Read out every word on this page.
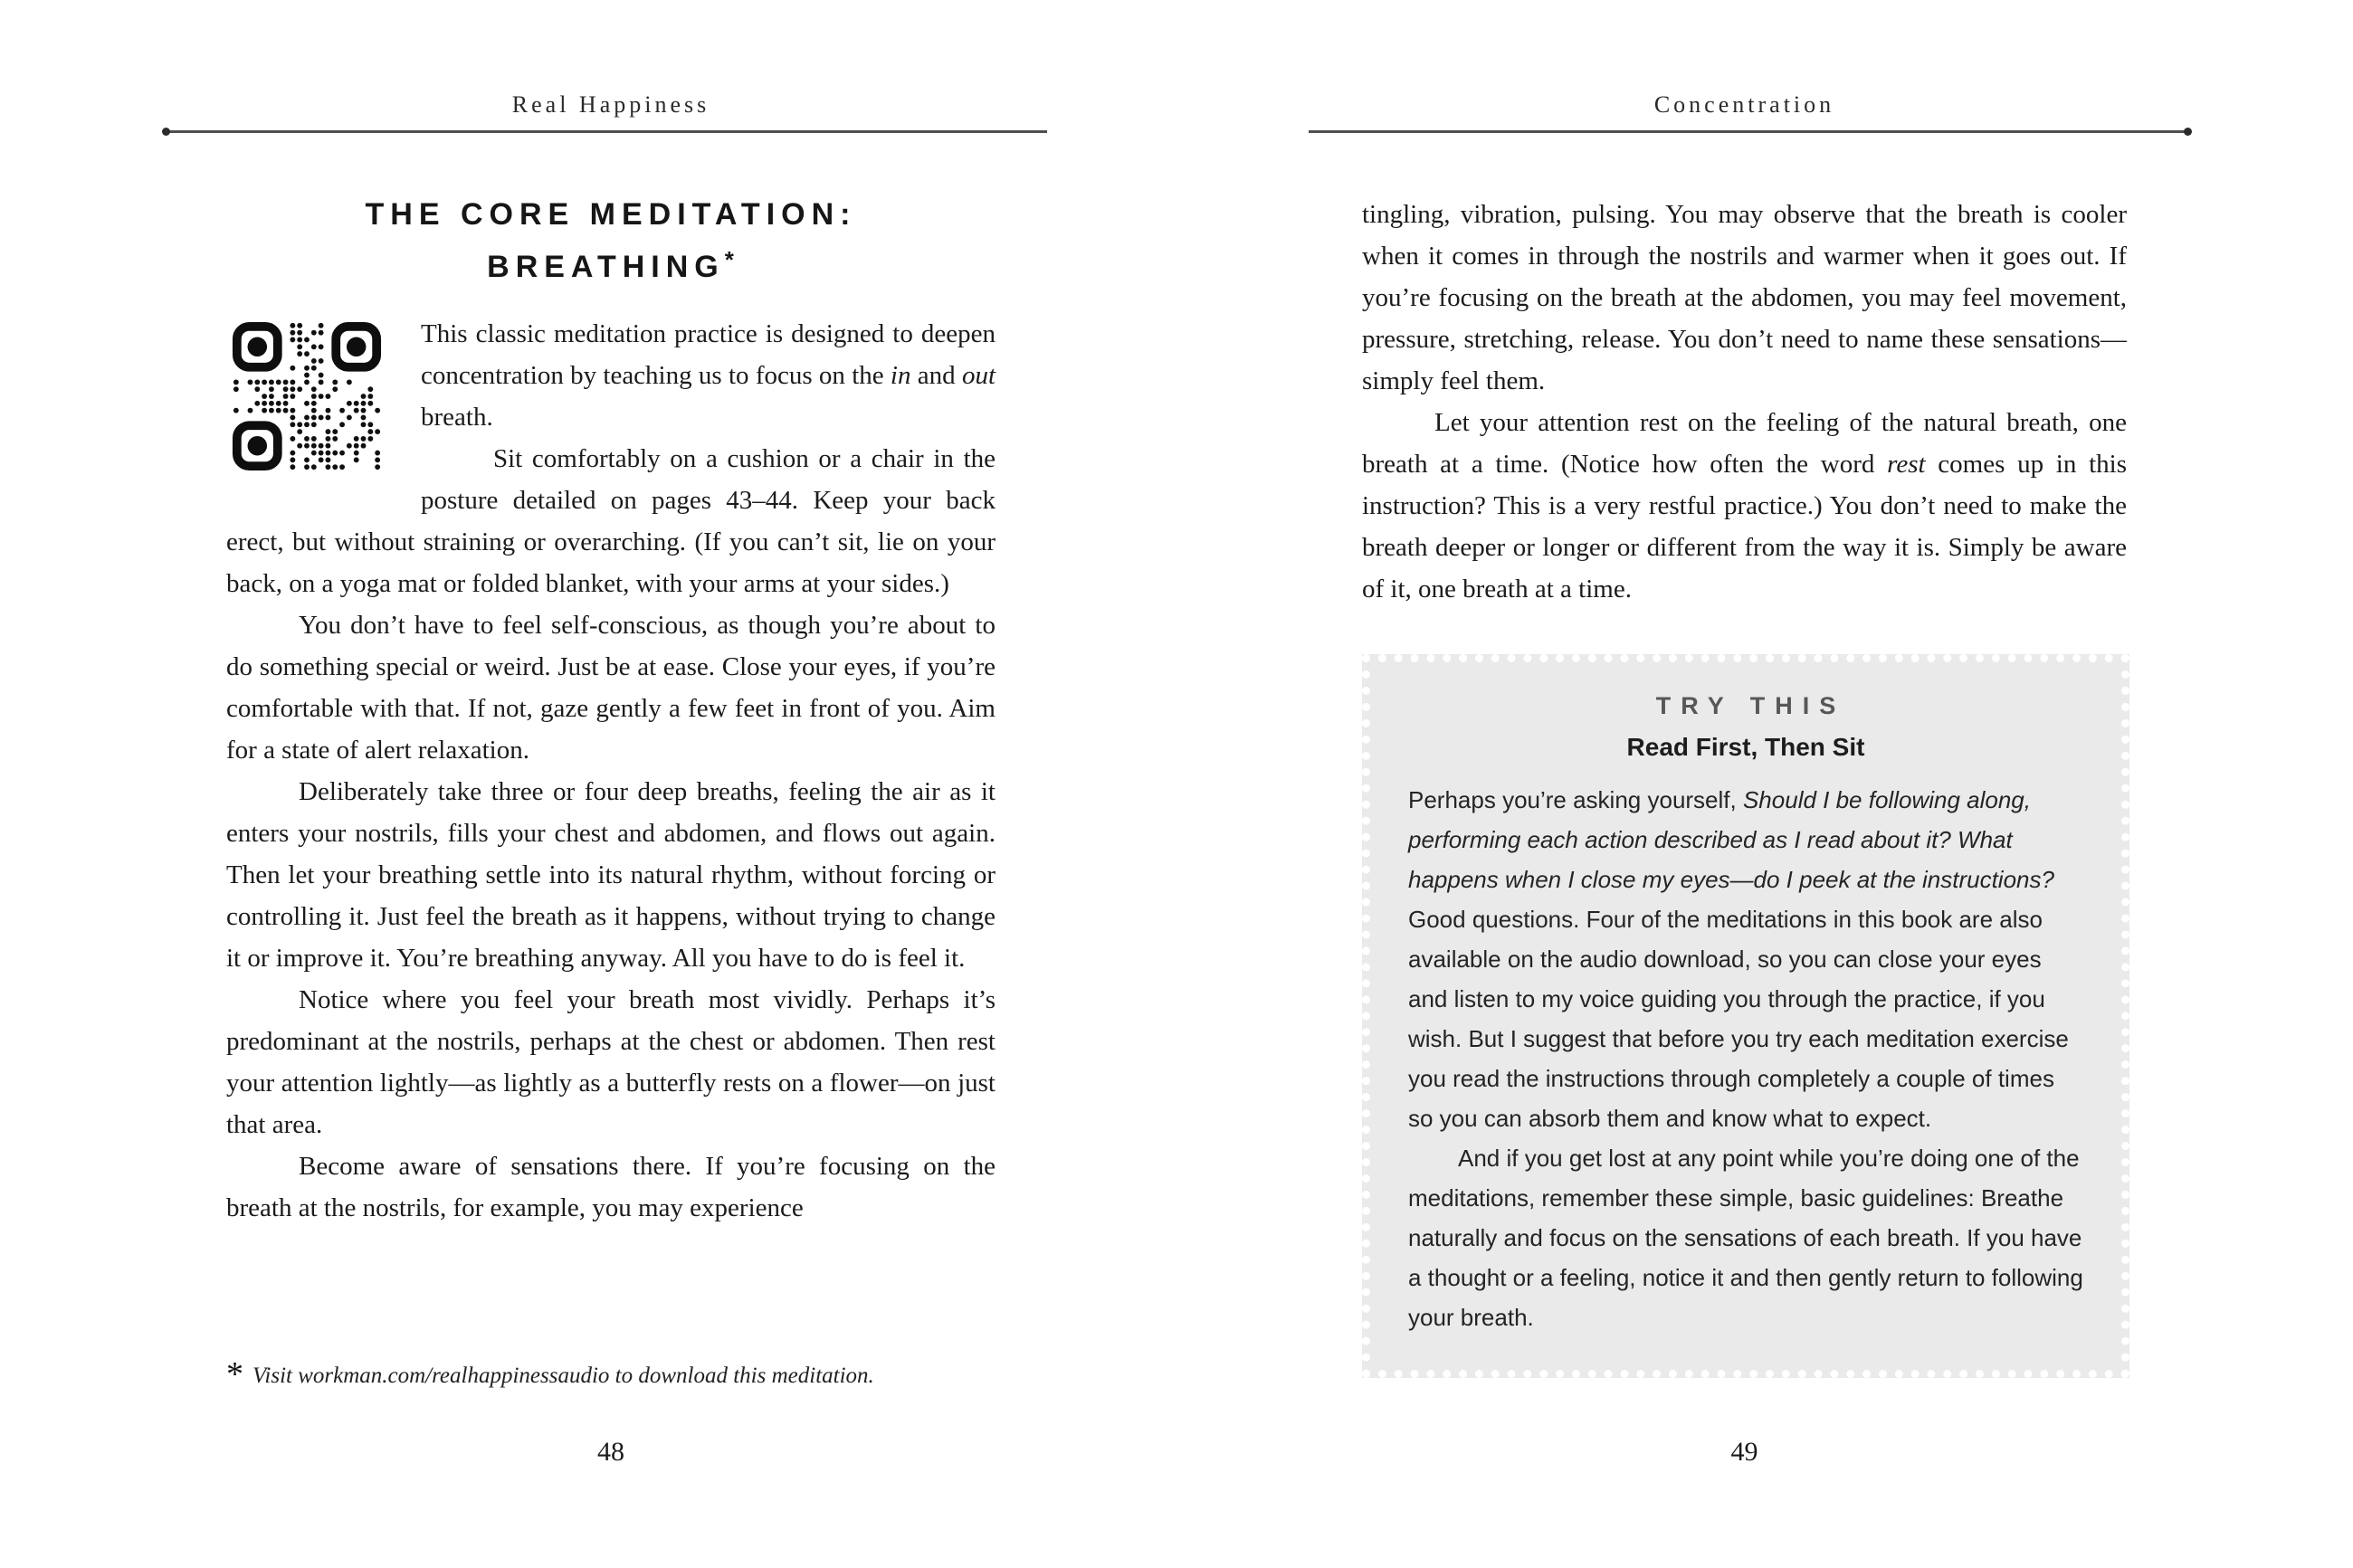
Real Happiness	Concentration
THE CORE MEDITATION:
BREATHING*

This classic meditation practice is designed to deepen concentration by teaching us to focus on the in and out breath.

Sit comfortably on a cushion or a chair in the posture detailed on pages 43–44. Keep your back erect, but without straining or overarching. (If you can’t sit, lie on your back, on a yoga mat or folded blanket, with your arms at your sides.)

You don’t have to feel self-conscious, as though you’re about to do something special or weird. Just be at ease. Close your eyes, if you’re comfortable with that. If not, gaze gently a few feet in front of you. Aim for a state of alert relaxation.

Deliberately take three or four deep breaths, feeling the air as it enters your nostrils, fills your chest and abdomen, and flows out again. Then let your breathing settle into its natural rhythm, without forcing or controlling it. Just feel the breath as it happens, without trying to change it or improve it. You’re breathing anyway. All you have to do is feel it.

Notice where you feel your breath most vividly. Perhaps it’s predominant at the nostrils, perhaps at the chest or abdomen. Then rest your attention lightly—as lightly as a butterfly rests on a flower—on just that area.

Become aware of sensations there. If you’re focusing on the breath at the nostrils, for example, you may experience

* Visit workman.com/realhappinessaudio to download this meditation.
48

tingling, vibration, pulsing. You may observe that the breath is cooler when it comes in through the nostrils and warmer when it goes out. If you’re focusing on the breath at the abdomen, you may feel movement, pressure, stretching, release. You don’t need to name these sensations—simply feel them.

Let your attention rest on the feeling of the natural breath, one breath at a time. (Notice how often the word rest comes up in this instruction? This is a very restful practice.) You don’t need to make the breath deeper or longer or different from the way it is. Simply be aware of it, one breath at a time.

TRY THIS
Read First, Then Sit

Perhaps you’re asking yourself, Should I be following along, performing each action described as I read about it? What happens when I close my eyes—do I peek at the instructions? Good questions. Four of the meditations in this book are also available on the audio download, so you can close your eyes and listen to my voice guiding you through the practice, if you wish. But I suggest that before you try each meditation exercise you read the instructions through completely a couple of times so you can absorb them and know what to expect.

And if you get lost at any point while you’re doing one of the meditations, remember these simple, basic guidelines: Breathe naturally and focus on the sensations of each breath. If you have a thought or a feeling, notice it and then gently return to following your breath.

49
